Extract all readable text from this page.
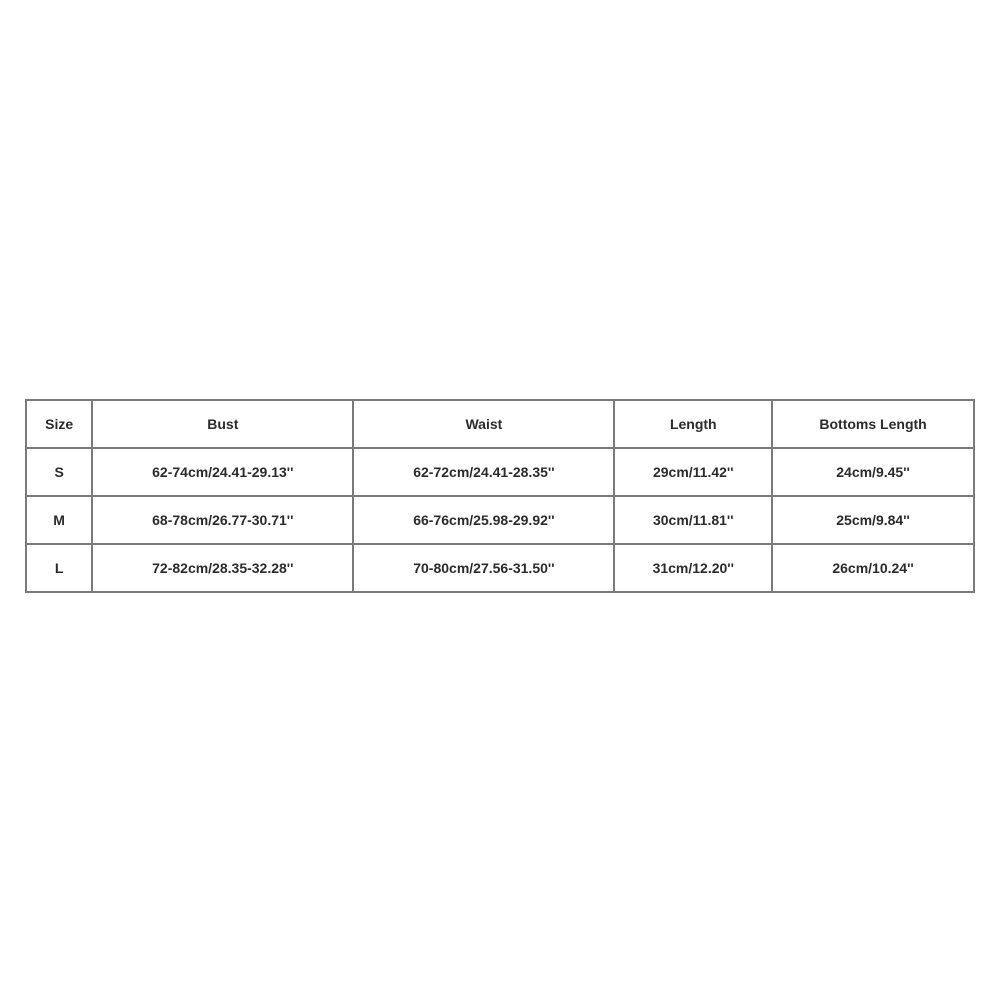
Size	Bust	Waist	Length	Bottoms Length
S	62-74cm/24.41-29.13''	62-72cm/24.41-28.35''	29cm/11.42''	24cm/9.45''
M	68-78cm/26.77-30.71''	66-76cm/25.98-29.92''	30cm/11.81''	25cm/9.84''
L	72-82cm/28.35-32.28''	70-80cm/27.56-31.50''	31cm/12.20''	26cm/10.24''
